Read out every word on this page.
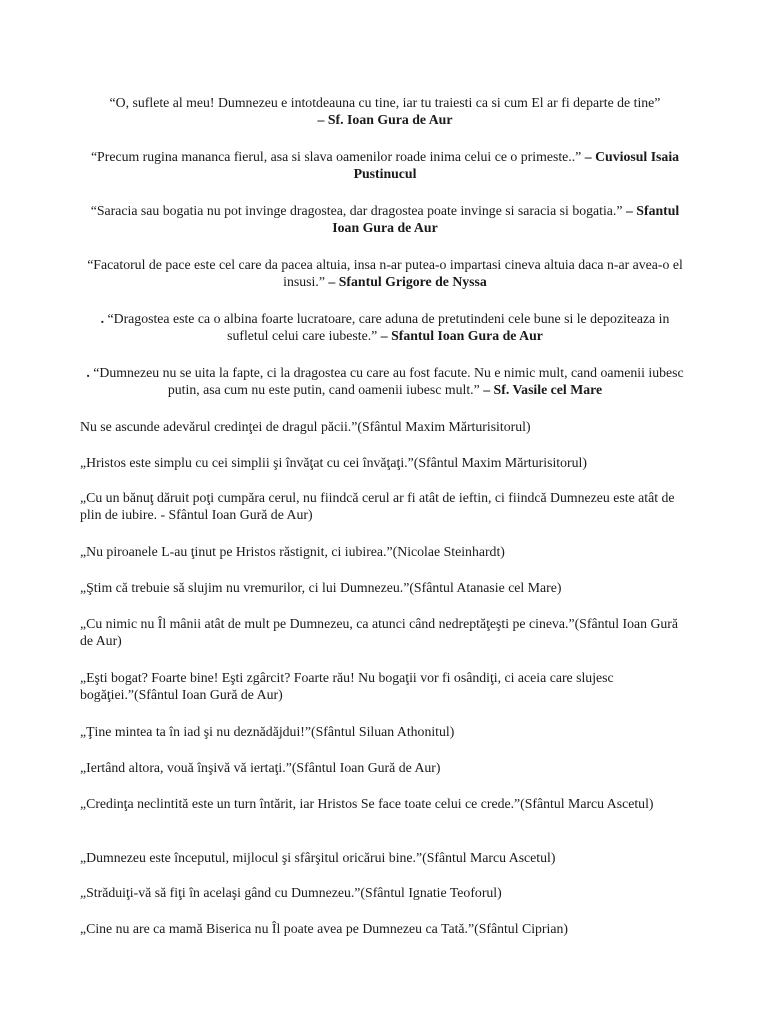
“O, suflete al meu! Dumnezeu e intotdeauna cu tine, iar tu traiesti ca si cum El ar fi departe de tine”
– Sf. Ioan Gura de Aur

“Precum rugina mananca fierul, asa si slava oamenilor roade inima celui ce o primeste..” – Cuviosul Isaia Pustinucul

“Saracia sau bogatia nu pot invinge dragostea, dar dragostea poate invinge si saracia si bogatia.” – Sfantul Ioan Gura de Aur

“Facatorul de pace este cel care da pacea altuia, insa n-ar putea-o impartasi cineva altuia daca n-ar avea-o el insusi.” – Sfantul Grigore de Nyssa

. “Dragostea este ca o albina foarte lucratoare, care aduna de pretutindeni cele bune si le depoziteaza in sufletul celui care iubeste.” – Sfantul Ioan Gura de Aur

. “Dumnezeu nu se uita la fapte, ci la dragostea cu care au fost facute. Nu e nimic mult, cand oamenii iubesc putin, asa cum nu este putin, cand oamenii iubesc mult.” – Sf. Vasile cel Mare

Nu se ascunde adevărul credinţei de dragul păcii.”(Sfântul Maxim Mărturisitorul)

„Hristos este simplu cu cei simplii şi învăţat cu cei învăţaţi.”(Sfântul Maxim Mărturisitorul)

„Cu un bănuţ dăruit poţi cumpăra cerul, nu fiindcă cerul ar fi atât de ieftin, ci fiindcă Dumnezeu este atât de plin de iubire. - Sfântul Ioan Gură de Aur)

„Nu piroanele L-au ţinut pe Hristos răstignit, ci iubirea.”(Nicolae Steinhardt)

„Ştim că trebuie să slujim nu vremurilor, ci lui Dumnezeu.”(Sfântul Atanasie cel Mare)

„Cu nimic nu Îl mânii atât de mult pe Dumnezeu, ca atunci când nedreptăţeşti pe cineva.”(Sfântul Ioan Gură de Aur)

„Eşti bogat? Foarte bine! Eşti zgârcit? Foarte rău! Nu bogaţii vor fi osândiţi, ci aceia care slujesc bogăţiei.”(Sfântul Ioan Gură de Aur)

„Ţine mintea ta în iad şi nu deznădăjdui!”(Sfântul Siluan Athonitul)

„Iertând altora, vouă înşivă vă iertaţi.”(Sfântul Ioan Gură de Aur)

„Credinţa neclintită este un turn întărit, iar Hristos Se face toate celui ce crede.”(Sfântul Marcu Ascetul)

„Dumnezeu este începutul, mijlocul şi sfârşitul oricărui bine.”(Sfântul Marcu Ascetul)

„Străduiţi-vă să fiţi în acelaşi gând cu Dumnezeu.”(Sfântul Ignatie Teoforul)

„Cine nu are ca mamă Biserica nu Îl poate avea pe Dumnezeu ca Tată.”(Sfântul Ciprian)
